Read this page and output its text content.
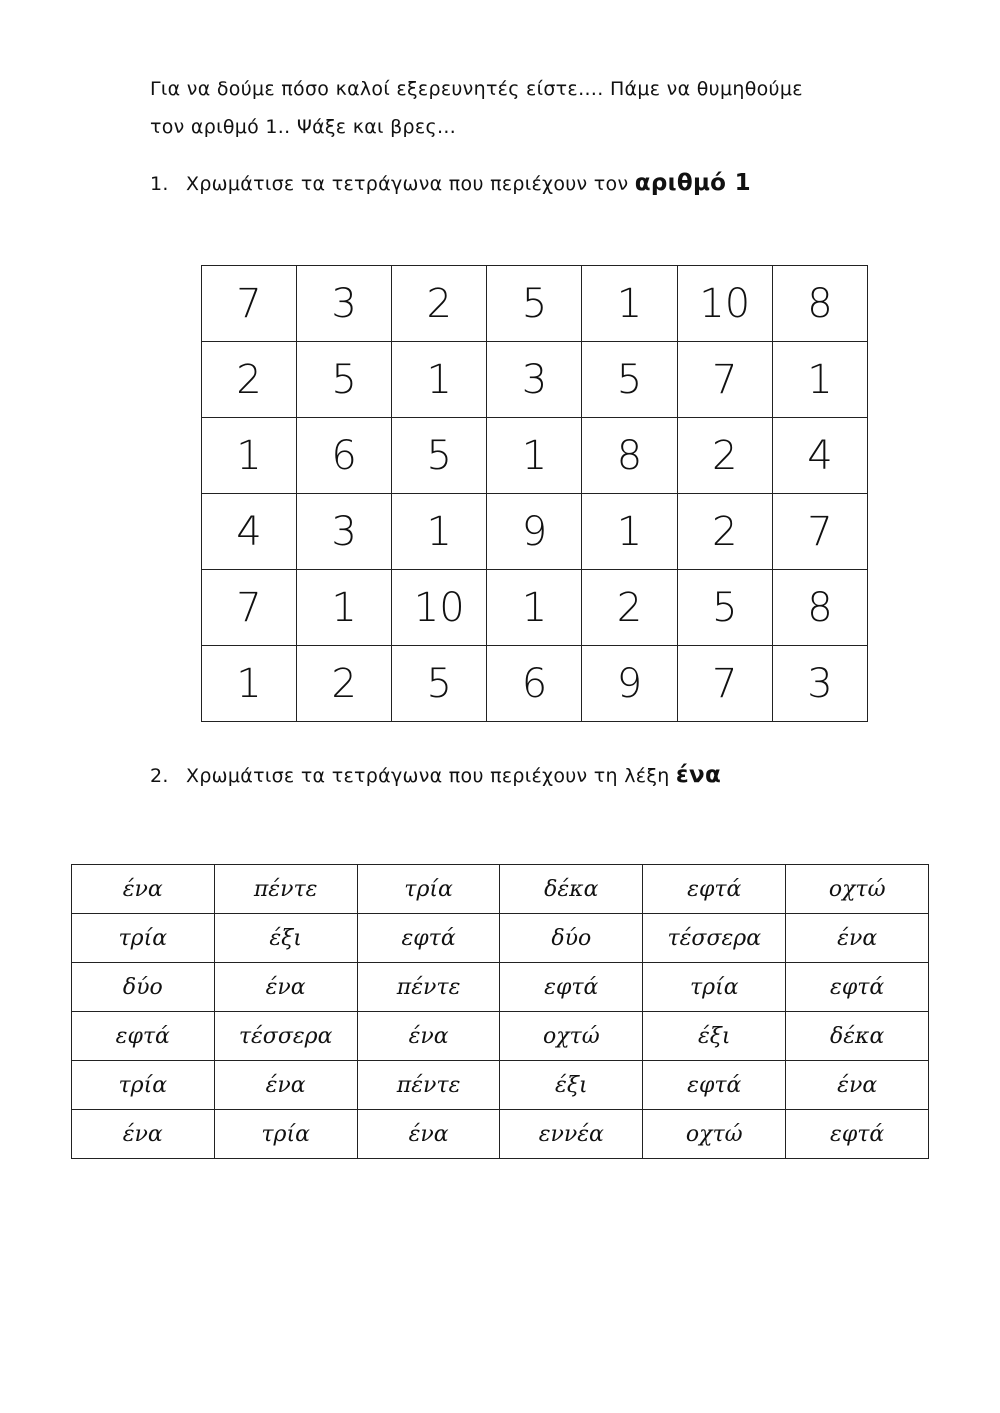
Για να δούμε πόσο καλοί εξερευνητές είστε…. Πάμε να θυμηθούμε

τον αριθμό 1.. Ψάξε και βρες…

1. Χρωμάτισε τα τετράγωνα που περιέχουν τον αριθμό 1
7	3	2	5	1	10	8
2	5	1	3	5	7	1
1	6	5	1	8	2	4
4	3	1	9	1	2	7
7	1	10	1	2	5	8
1	2	5	6	9	7	3
2. Χρωμάτισε τα τετράγωνα που περιέχουν τη λέξη ένα
ένα	πέντε	τρία	δέκα	εφτά	οχτώ
τρία	έξι	εφτά	δύο	τέσσερα	ένα
δύο	ένα	πέντε	εφτά	τρία	εφτά
εφτά	τέσσερα	ένα	οχτώ	έξι	δέκα
τρία	ένα	πέντε	έξι	εφτά	ένα
ένα	τρία	ένα	εννέα	οχτώ	εφτά
